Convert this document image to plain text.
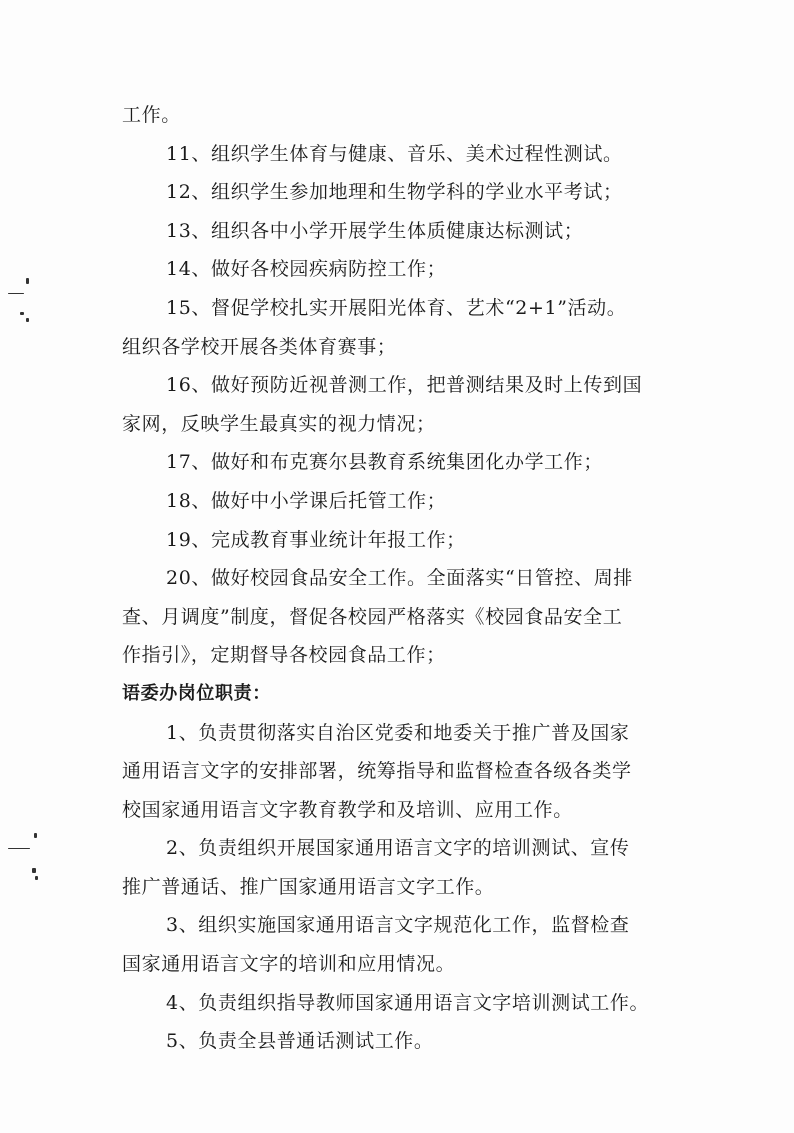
工作。
11、组织学生体育与健康、音乐、美术过程性测试。
12、组织学生参加地理和生物学科的学业水平考试；
13、组织各中小学开展学生体质健康达标测试；
14、做好各校园疾病防控工作；
15、督促学校扎实开展阳光体育、艺术“2+1”活动。
组织各学校开展各类体育赛事；
16、做好预防近视普测工作，把普测结果及时上传到国
家网，反映学生最真实的视力情况；
17、做好和布克赛尔县教育系统集团化办学工作；
18、做好中小学课后托管工作；
19、完成教育事业统计年报工作；
20、做好校园食品安全工作。全面落实“日管控、周排
查、月调度”制度，督促各校园严格落实《校园食品安全工
作指引》，定期督导各校园食品工作；
语委办岗位职责：
1、负责贯彻落实自治区党委和地委关于推广普及国家
通用语言文字的安排部署，统筹指导和监督检查各级各类学
校国家通用语言文字教育教学和及培训、应用工作。
2、负责组织开展国家通用语言文字的培训测试、宣传
推广普通话、推广国家通用语言文字工作。
3、组织实施国家通用语言文字规范化工作，监督检查
国家通用语言文字的培训和应用情况。
4、负责组织指导教师国家通用语言文字培训测试工作。
5、负责全县普通话测试工作。
